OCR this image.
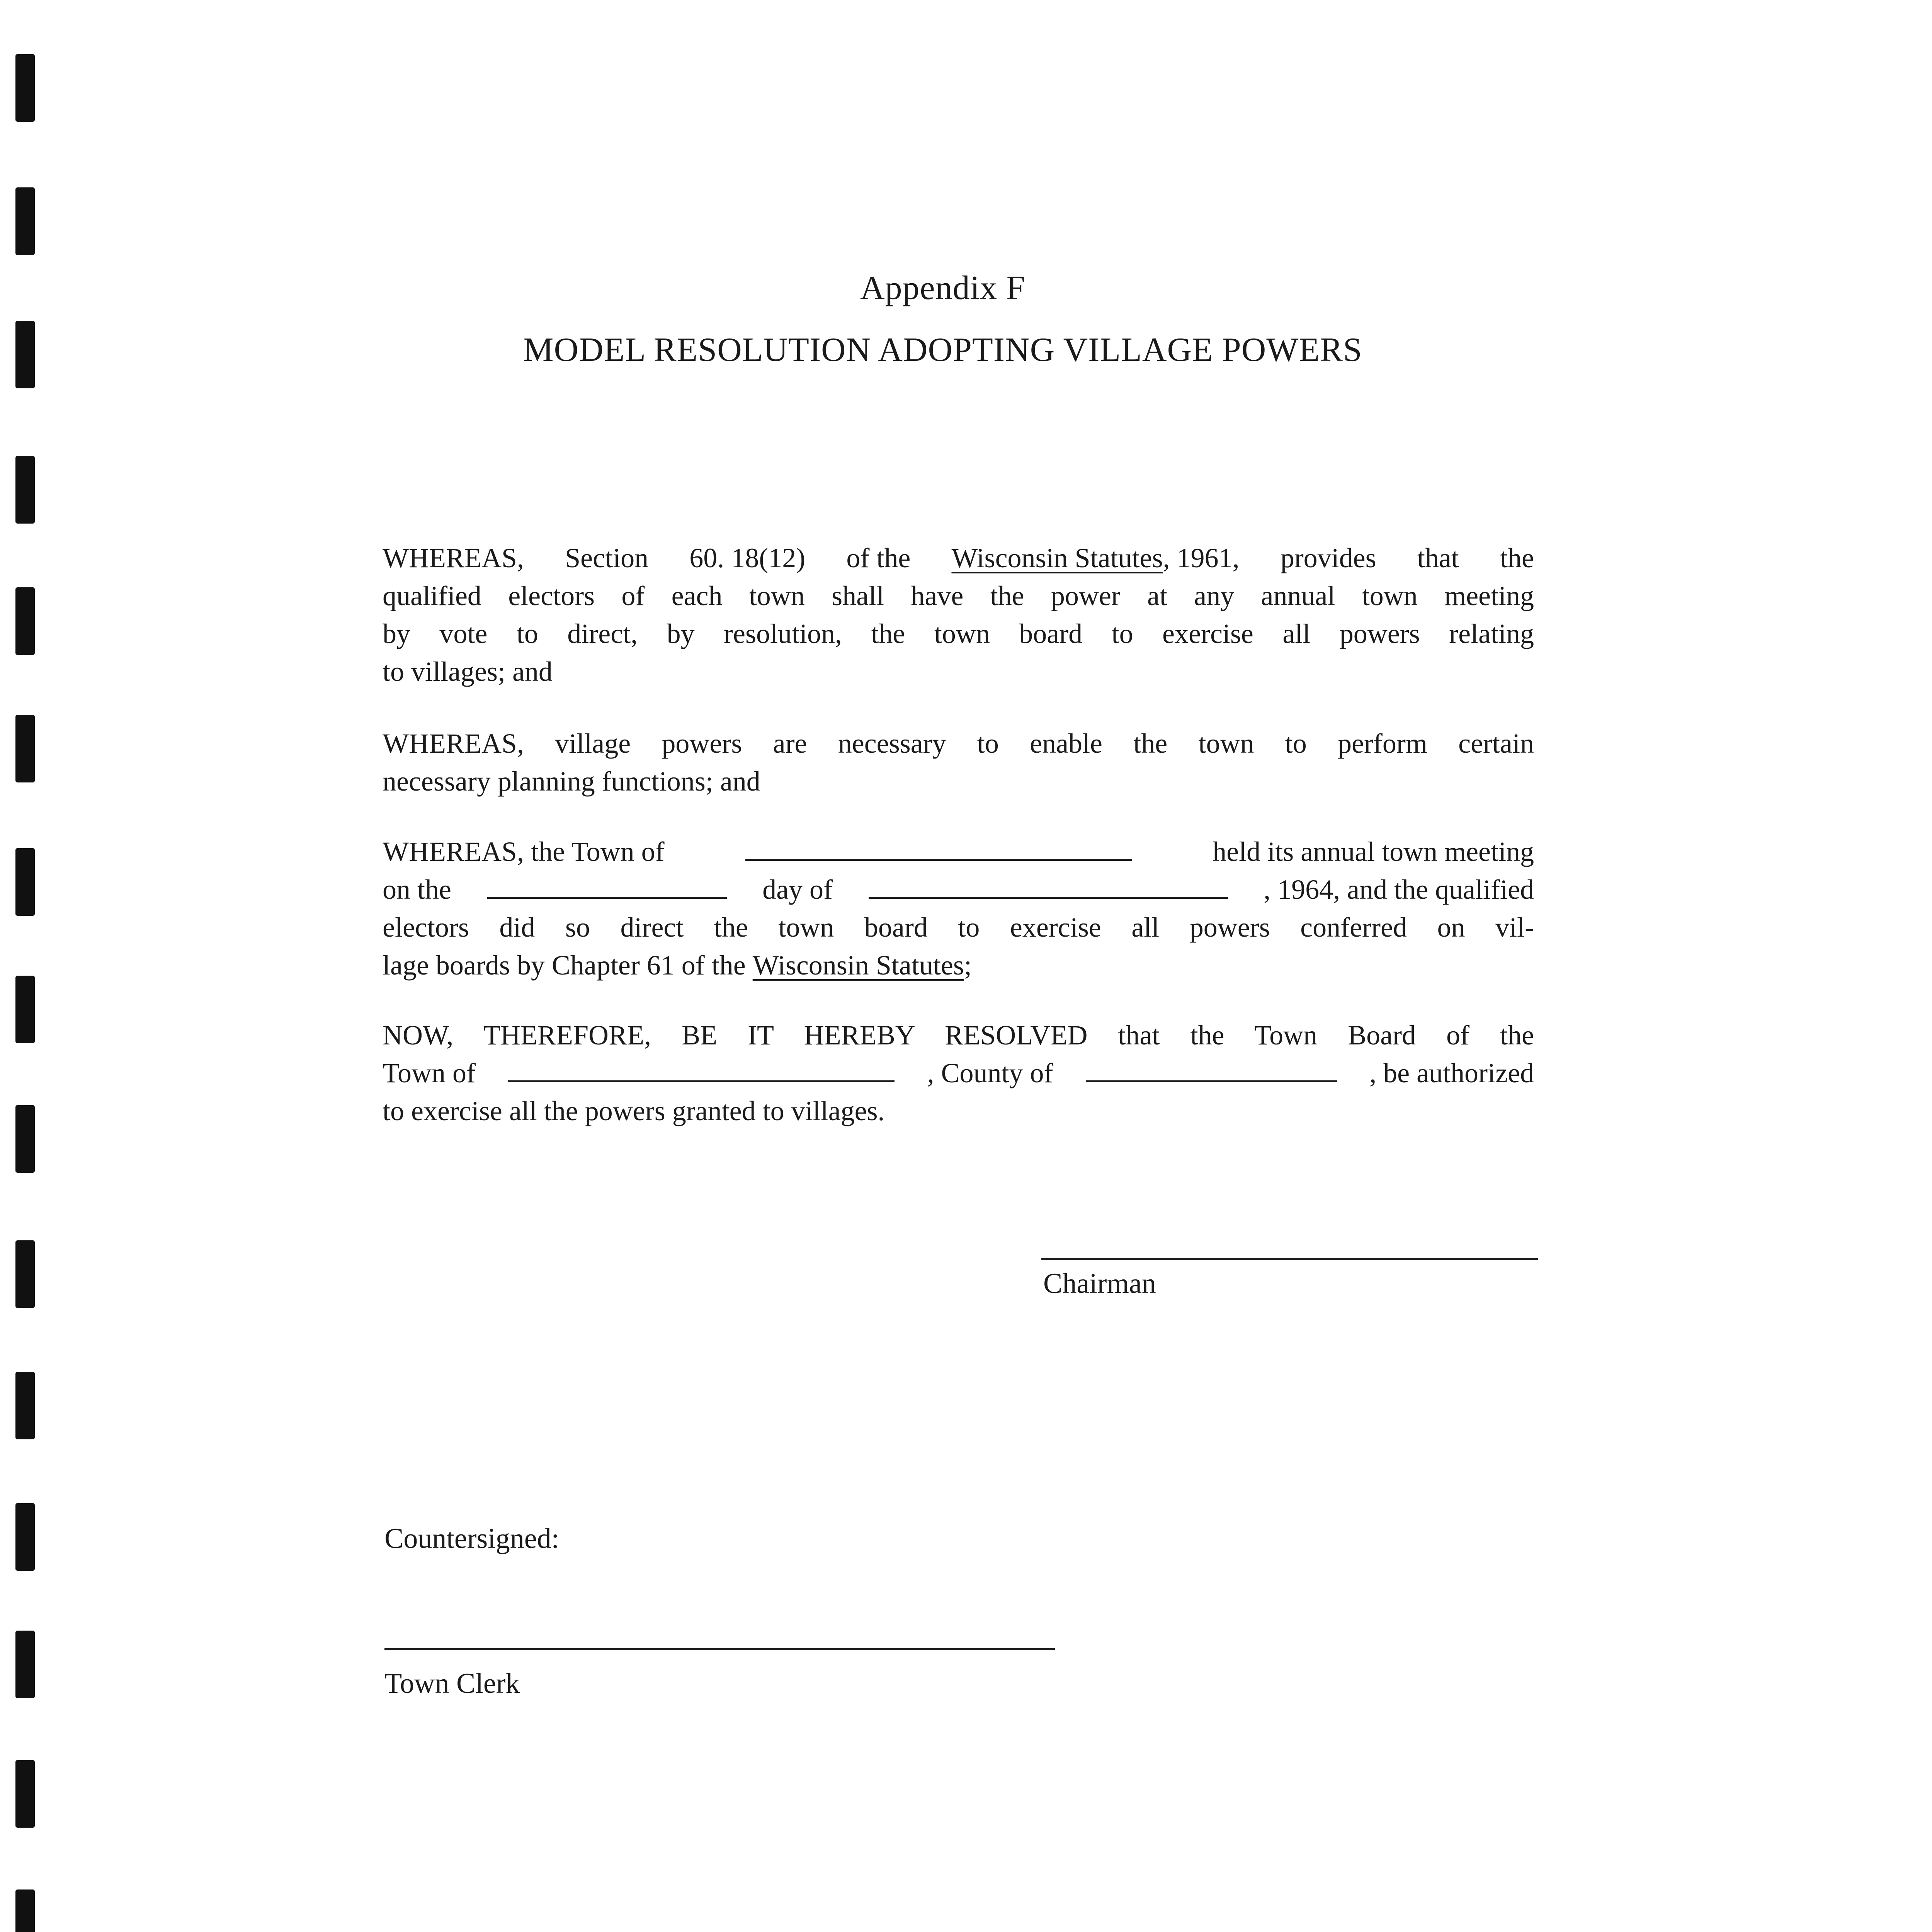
Appendix F
MODEL RESOLUTION ADOPTING VILLAGE POWERS
WHEREAS, Section 60. 18(12) of the Wisconsin Statutes, 1961, provides that the
qualified electors of each town shall have the power at any annual town meeting
by vote to direct, by resolution, the town board to exercise all powers relating
to villages; and
WHEREAS, village powers are necessary to enable the town to perform certain
necessary planning functions; and
WHEREAS, the Town of	held its annual town meeting
on the	day of	, 1964, and the qualified
electors did so direct the town board to exercise all powers conferred on vil-
lage boards by Chapter 61 of the
Wisconsin Statutes ;
NOW, THEREFORE, BE IT HEREBY RESOLVED that the Town Board of the
Town of	, County of	, be authorized
to exercise all the powers granted to villages.
Chairman
Countersigned:
Town Clerk
